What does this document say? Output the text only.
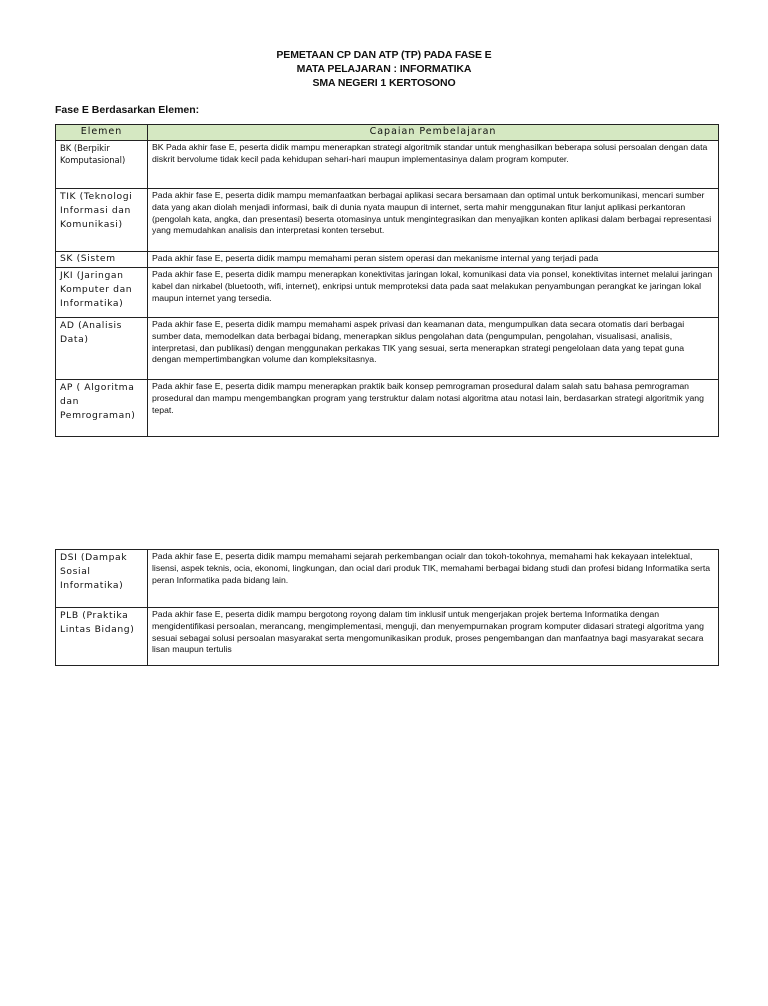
PEMETAAN CP DAN ATP (TP) PADA FASE E
MATA PELAJARAN : INFORMATIKA
SMA NEGERI 1 KERTOSONO
Fase E Berdasarkan Elemen:
Elemen	Capaian Pembelajaran
BK (Berpikir Komputasional)	BK Pada akhir fase E, peserta didik mampu menerapkan strategi algoritmik standar untuk menghasilkan beberapa solusi persoalan dengan data diskrit bervolume tidak kecil pada kehidupan sehari-hari maupun implementasinya dalam program komputer.
TIK (Teknologi Informasi dan Komunikasi)	Pada akhir fase E, peserta didik mampu memanfaatkan berbagai aplikasi secara bersamaan dan optimal untuk berkomunikasi, mencari sumber data yang akan diolah menjadi informasi, baik di dunia nyata maupun di internet, serta mahir menggunakan fitur lanjut aplikasi perkantoran (pengolah kata, angka, dan presentasi) beserta otomasinya untuk mengintegrasikan dan menyajikan konten aplikasi dalam berbagai representasi yang memudahkan analisis dan interpretasi konten tersebut.
SK (Sistem	Pada akhir fase E, peserta didik mampu memahami peran sistem operasi dan mekanisme internal yang terjadi pada
JKI (Jaringan Komputer dan Informatika)	Pada akhir fase E, peserta didik mampu menerapkan konektivitas jaringan lokal, komunikasi data via ponsel, konektivitas internet melalui jaringan kabel dan nirkabel (bluetooth, wifi, internet), enkripsi untuk memproteksi data pada saat melakukan penyambungan perangkat ke jaringan lokal maupun internet yang tersedia.
AD (Analisis Data)	Pada akhir fase E, peserta didik mampu memahami aspek privasi dan keamanan data, mengumpulkan data secara otomatis dari berbagai sumber data, memodelkan data berbagai bidang, menerapkan siklus pengolahan data (pengumpulan, pengolahan, visualisasi, analisis, interpretasi, dan publikasi) dengan menggunakan perkakas TIK yang sesuai, serta menerapkan strategi pengelolaan data yang tepat guna dengan mempertimbangkan volume dan kompleksitasnya.
AP ( Algoritma dan Pemrograman)	Pada akhir fase E, peserta didik mampu menerapkan praktik baik konsep pemrograman prosedural dalam salah satu bahasa pemrograman prosedural dan mampu mengembangkan program yang terstruktur dalam notasi algoritma atau notasi lain, berdasarkan strategi algoritmik yang tepat.
DSI (Dampak Sosial Informatika)	Pada akhir fase E, peserta didik mampu memahami sejarah perkembangan ocialr dan tokoh-tokohnya, memahami hak kekayaan intelektual, lisensi, aspek teknis, ocia, ekonomi, lingkungan, dan ocial dari produk TIK, memahami berbagai bidang studi dan profesi bidang Informatika serta peran Informatika pada bidang lain.
PLB (Praktika Lintas Bidang)	Pada akhir fase E, peserta didik mampu bergotong royong dalam tim inklusif untuk mengerjakan projek bertema Informatika dengan mengidentifikasi persoalan, merancang, mengimplementasi, menguji, dan menyempurnakan program komputer didasari strategi algoritma yang sesuai sebagai solusi persoalan masyarakat serta mengomunikasikan produk, proses pengembangan dan manfaatnya bagi masyarakat secara lisan maupun tertulis
